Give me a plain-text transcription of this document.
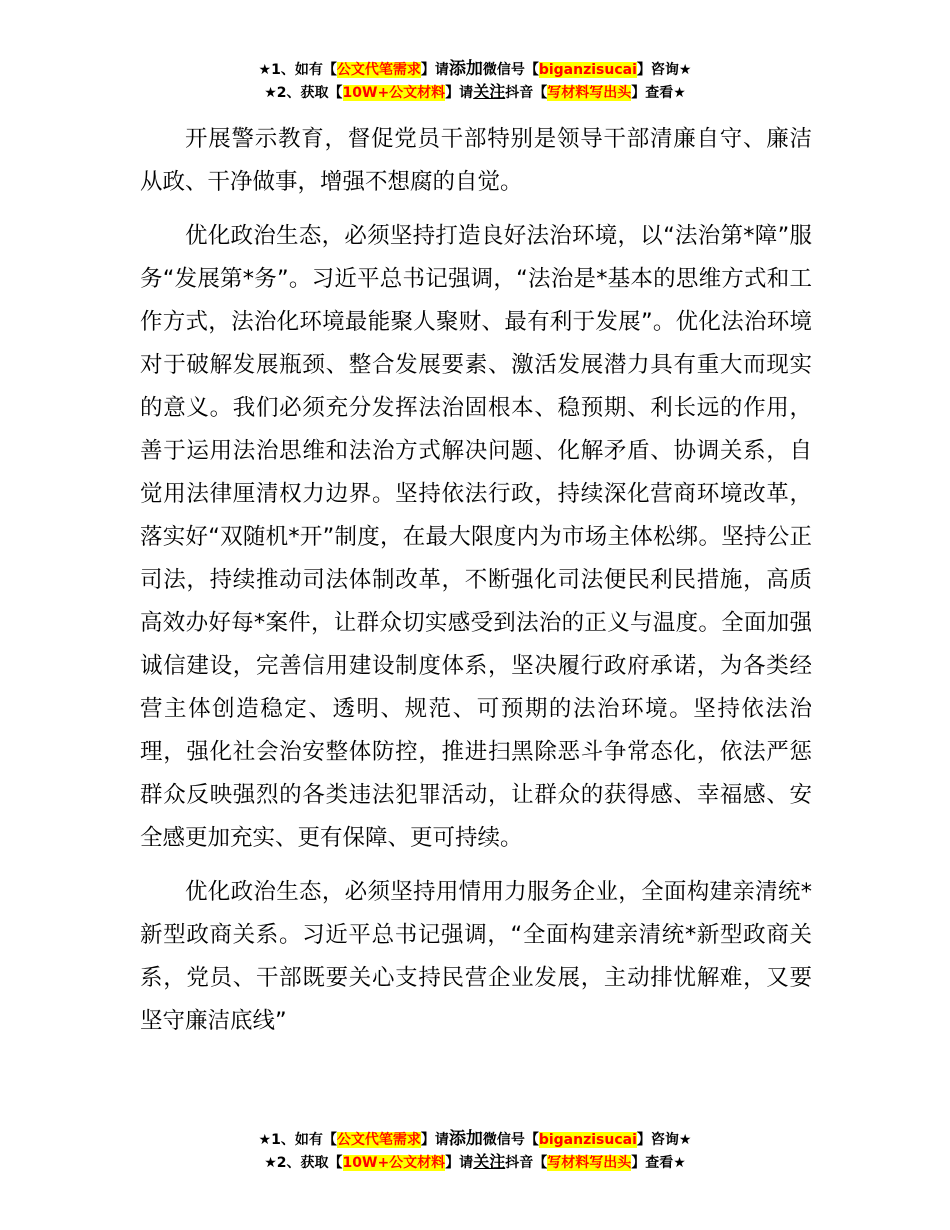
★1、如有【公文代笔需求】请添加微信号【biganzisucai】咨询★
★2、获取【10W+公文材料】请关注抖音【写材料写出头】查看★

开展警示教育，督促党员干部特别是领导干部清廉自守、廉洁从政、干净做事，增强不想腐的自觉。

优化政治生态，必须坚持打造良好法治环境，以“法治第*障”服务“发展第*务”。习近平总书记强调，“法治是*基本的思维方式和工作方式，法治化环境最能聚人聚财、最有利于发展”。优化法治环境对于破解发展瓶颈、整合发展要素、激活发展潜力具有重大而现实的意义。我们必须充分发挥法治固根本、稳预期、利长远的作用，善于运用法治思维和法治方式解决问题、化解矛盾、协调关系，自觉用法律厘清权力边界。坚持依法行政，持续深化营商环境改革，落实好“双随机*开”制度，在最大限度内为市场主体松绑。坚持公正司法，持续推动司法体制改革，不断强化司法便民利民措施，高质高效办好每*案件，让群众切实感受到法治的正义与温度。全面加强诚信建设，完善信用建设制度体系，坚决履行政府承诺，为各类经营主体创造稳定、透明、规范、可预期的法治环境。坚持依法治理，强化社会治安整体防控，推进扫黑除恶斗争常态化，依法严惩群众反映强烈的各类违法犯罪活动，让群众的获得感、幸福感、安全感更加充实、更有保障、更可持续。

优化政治生态，必须坚持用情用力服务企业，全面构建亲清统*新型政商关系。习近平总书记强调，“全面构建亲清统*新型政商关系，党员、干部既要关心支持民营企业发展，主动排忧解难，又要坚守廉洁底线”

★1、如有【公文代笔需求】请添加微信号【biganzisucai】咨询★
★2、获取【10W+公文材料】请关注抖音【写材料写出头】查看★
